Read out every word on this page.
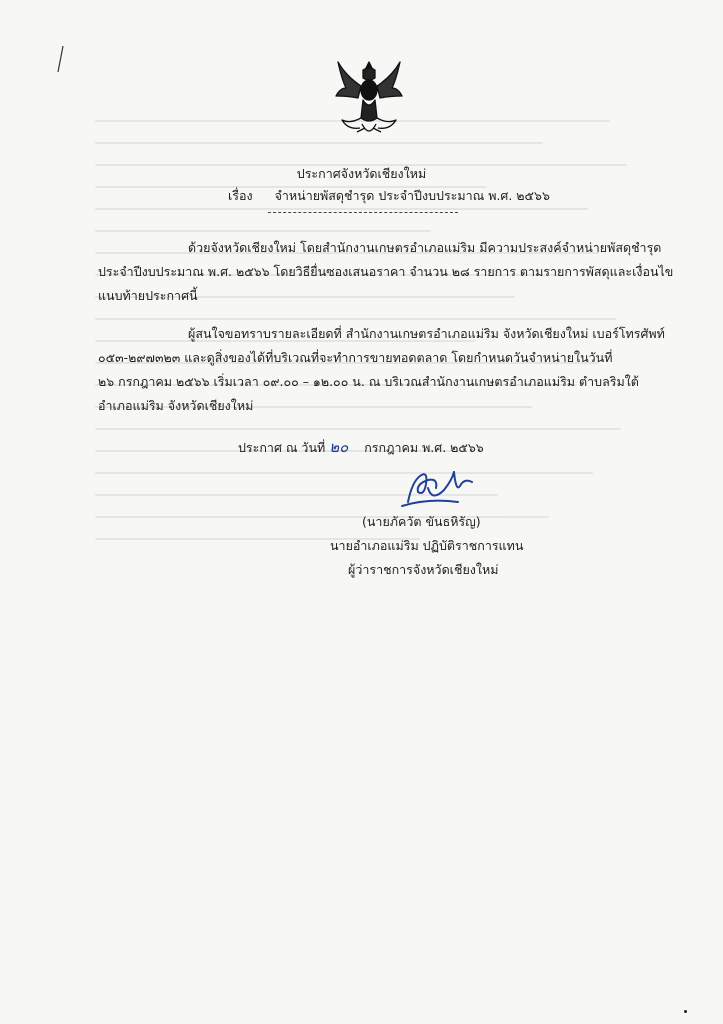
ประกาศจังหวัดเชียงใหม่
เรื่อง จำหน่ายพัสดุชำรุด ประจำปีงบประมาณ พ.ศ. ๒๕๖๖
ด้วยจังหวัดเชียงใหม่ โดยสำนักงานเกษตรอำเภอแม่ริม มีความประสงค์จำหน่ายพัสดุชำรุด
ประจำปีงบประมาณ พ.ศ. ๒๕๖๖ โดยวิธียื่นซองเสนอราคา จำนวน ๒๘ รายการ ตามรายการพัสดุและเงื่อนไข
แนบท้ายประกาศนี้
ผู้สนใจขอทราบรายละเอียดที่ สำนักงานเกษตรอำเภอแม่ริม จังหวัดเชียงใหม่ เบอร์โทรศัพท์
๐๕๓-๒๙๗๓๒๓ และดูสิ่งของได้ที่บริเวณที่จะทำการขายทอดตลาด โดยกำหนดวันจำหน่ายในวันที่
๒๖ กรกฎาคม ๒๕๖๖ เริ่มเวลา ๐๙.๐๐ – ๑๒.๐๐ น. ณ บริเวณสำนักงานเกษตรอำเภอแม่ริม ตำบลริมใต้
อำเภอแม่ริม จังหวัดเชียงใหม่
ประกาศ ณ วันที่ ๒๐ กรกฎาคม พ.ศ. ๒๕๖๖
(นายภัควัต ขันธหิรัญ)
นายอำเภอแม่ริม ปฏิบัติราชการแทน
ผู้ว่าราชการจังหวัดเชียงใหม่
